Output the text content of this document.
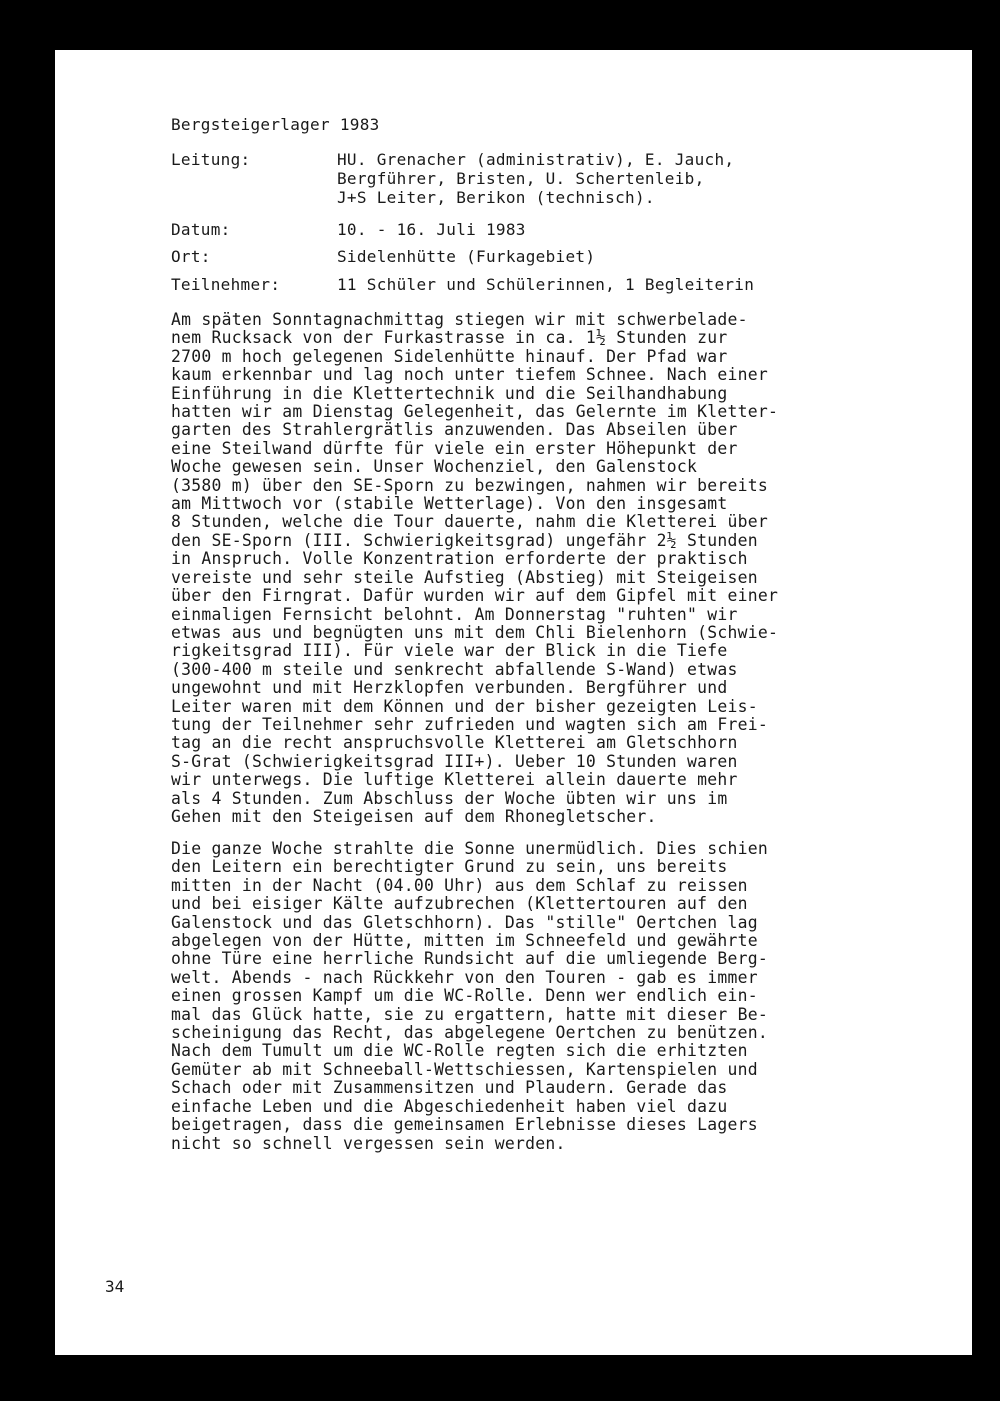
Bergsteigerlager 1983
Leitung:	HU. Grenacher (administrativ), E. Jauch,
Bergführer, Bristen, U. Schertenleib,
J+S Leiter, Berikon (technisch).
Datum:	10. - 16. Juli 1983
Ort:	Sidelenhütte (Furkagebiet)
Teilnehmer:	11 Schüler und Schülerinnen, 1 Begleiterin
Am späten Sonntagnachmittag stiegen wir mit schwerbelade-
nem Rucksack von der Furkastrasse in ca. 1½ Stunden zur
2700 m hoch gelegenen Sidelenhütte hinauf. Der Pfad war
kaum erkennbar und lag noch unter tiefem Schnee. Nach einer
Einführung in die Klettertechnik und die Seilhandhabung
hatten wir am Dienstag Gelegenheit, das Gelernte im Kletter-
garten des Strahlergrätlis anzuwenden. Das Abseilen über
eine Steilwand dürfte für viele ein erster Höhepunkt der
Woche gewesen sein. Unser Wochenziel, den Galenstock
(3580 m) über den SE-Sporn zu bezwingen, nahmen wir bereits
am Mittwoch vor (stabile Wetterlage). Von den insgesamt
8 Stunden, welche die Tour dauerte, nahm die Kletterei über
den SE-Sporn (III. Schwierigkeitsgrad) ungefähr 2½ Stunden
in Anspruch. Volle Konzentration erforderte der praktisch
vereiste und sehr steile Aufstieg (Abstieg) mit Steigeisen
über den Firngrat. Dafür wurden wir auf dem Gipfel mit einer
einmaligen Fernsicht belohnt. Am Donnerstag "ruhten" wir
etwas aus und begnügten uns mit dem Chli Bielenhorn (Schwie-
rigkeitsgrad III). Für viele war der Blick in die Tiefe
(300-400 m steile und senkrecht abfallende S-Wand) etwas
ungewohnt und mit Herzklopfen verbunden. Bergführer und
Leiter waren mit dem Können und der bisher gezeigten Leis-
tung der Teilnehmer sehr zufrieden und wagten sich am Frei-
tag an die recht anspruchsvolle Kletterei am Gletschhorn
S-Grat (Schwierigkeitsgrad III+). Ueber 10 Stunden waren
wir unterwegs. Die luftige Kletterei allein dauerte mehr
als 4 Stunden. Zum Abschluss der Woche übten wir uns im
Gehen mit den Steigeisen auf dem Rhonegletscher.
Die ganze Woche strahlte die Sonne unermüdlich. Dies schien
den Leitern ein berechtigter Grund zu sein, uns bereits
mitten in der Nacht (04.00 Uhr) aus dem Schlaf zu reissen
und bei eisiger Kälte aufzubrechen (Klettertouren auf den
Galenstock und das Gletschhorn). Das "stille" Oertchen lag
abgelegen von der Hütte, mitten im Schneefeld und gewährte
ohne Türe eine herrliche Rundsicht auf die umliegende Berg-
welt. Abends - nach Rückkehr von den Touren - gab es immer
einen grossen Kampf um die WC-Rolle. Denn wer endlich ein-
mal das Glück hatte, sie zu ergattern, hatte mit dieser Be-
scheinigung das Recht, das abgelegene Oertchen zu benützen.
Nach dem Tumult um die WC-Rolle regten sich die erhitzten
Gemüter ab mit Schneeball-Wettschiessen, Kartenspielen und
Schach oder mit Zusammensitzen und Plaudern. Gerade das
einfache Leben und die Abgeschiedenheit haben viel dazu
beigetragen, dass die gemeinsamen Erlebnisse dieses Lagers
nicht so schnell vergessen sein werden.
34
